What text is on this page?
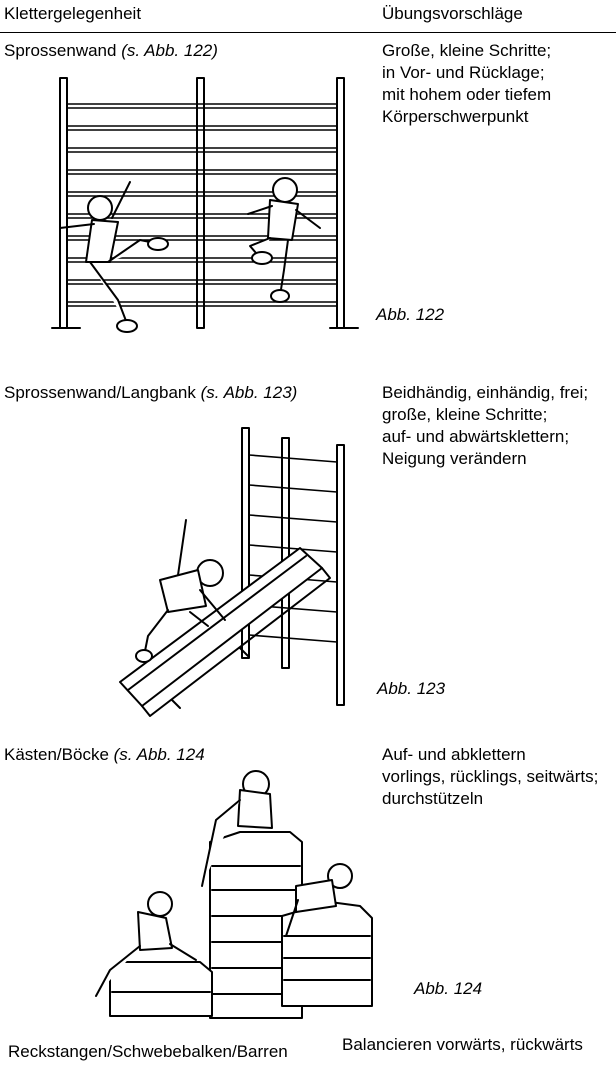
Klettergelegenheit	Übungsvorschläge
Sprossenwand (s. Abb. 122)	Große, kleine Schritte;
in Vor- und Rücklage;
mit hohem oder tiefem
Körperschwerpunkt
Abb. 122
Sprossenwand/Langbank (s. Abb. 123)	Beidhändig, einhändig, frei;
große, kleine Schritte;
auf- und abwärtsklettern;
Neigung verändern
Abb. 123
Kästen/Böcke (s. Abb. 124	Auf- und abklettern
vorlings, rücklings, seitwärts;
durchstützeln
Abb. 124
Reckstangen/Schwebebalken/Barren	Balancieren vorwärts, rückwärts
